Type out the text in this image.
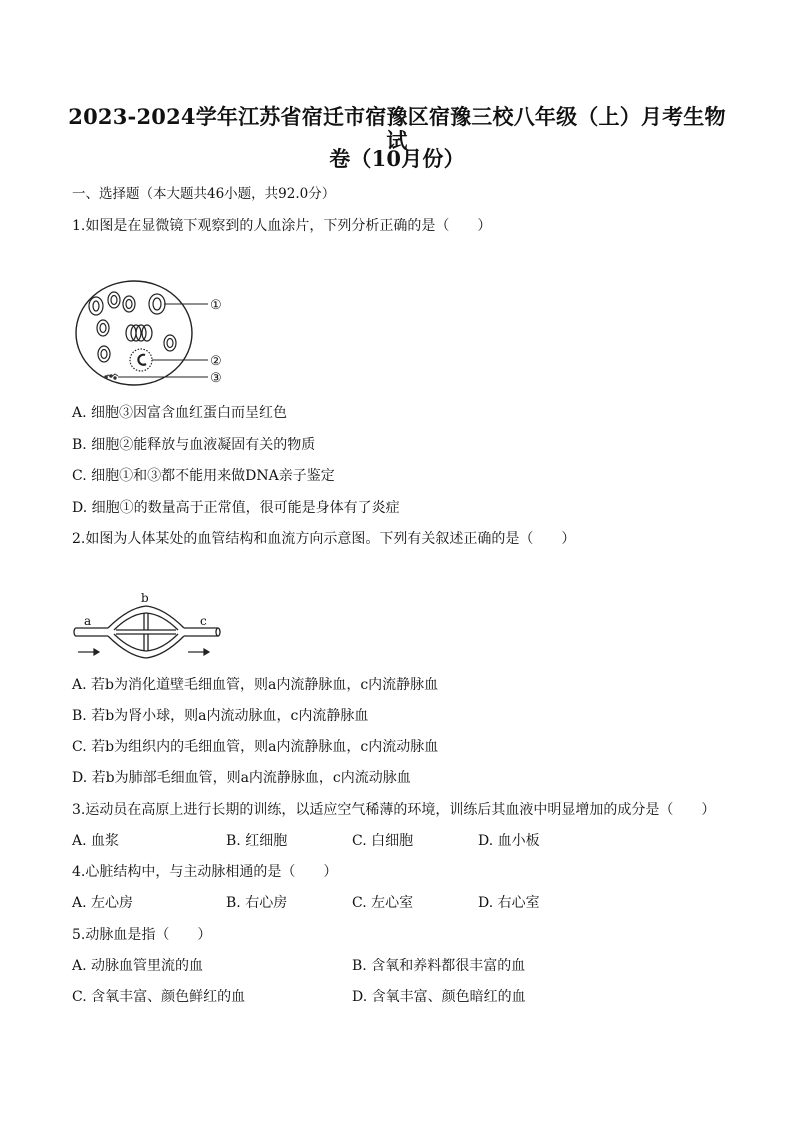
2023-2024学年江苏省宿迁市宿豫区宿豫三校八年级（上）月考生物试
卷（10月份）
一、选择题（本大题共46小题，共92.0分）
1.如图是在显微镜下观察到的人血涂片，下列分析正确的是（　　）
①
②
③
A. 细胞③因富含血红蛋白而呈红色
B. 细胞②能释放与血液凝固有关的物质
C. 细胞①和③都不能用来做DNA亲子鉴定
D. 细胞①的数量高于正常值，很可能是身体有了炎症
2.如图为人体某处的血管结构和血流方向示意图。下列有关叙述正确的是（　　）
a
b
c
A. 若b为消化道壁毛细血管，则a内流静脉血，c内流静脉血
B. 若b为肾小球，则a内流动脉血，c内流静脉血
C. 若b为组织内的毛细血管，则a内流静脉血，c内流动脉血
D. 若b为肺部毛细血管，则a内流静脉血，c内流动脉血
3.运动员在高原上进行长期的训练，以适应空气稀薄的环境，训练后其血液中明显增加的成分是（　　）
A. 血浆	B. 红细胞	C. 白细胞	D. 血小板
4.心脏结构中，与主动脉相通的是（　　）
A. 左心房	B. 右心房	C. 左心室	D. 右心室
5.动脉血是指（　　）
A. 动脉血管里流的血	B. 含氧和养料都很丰富的血
C. 含氧丰富、颜色鲜红的血	D. 含氧丰富、颜色暗红的血
